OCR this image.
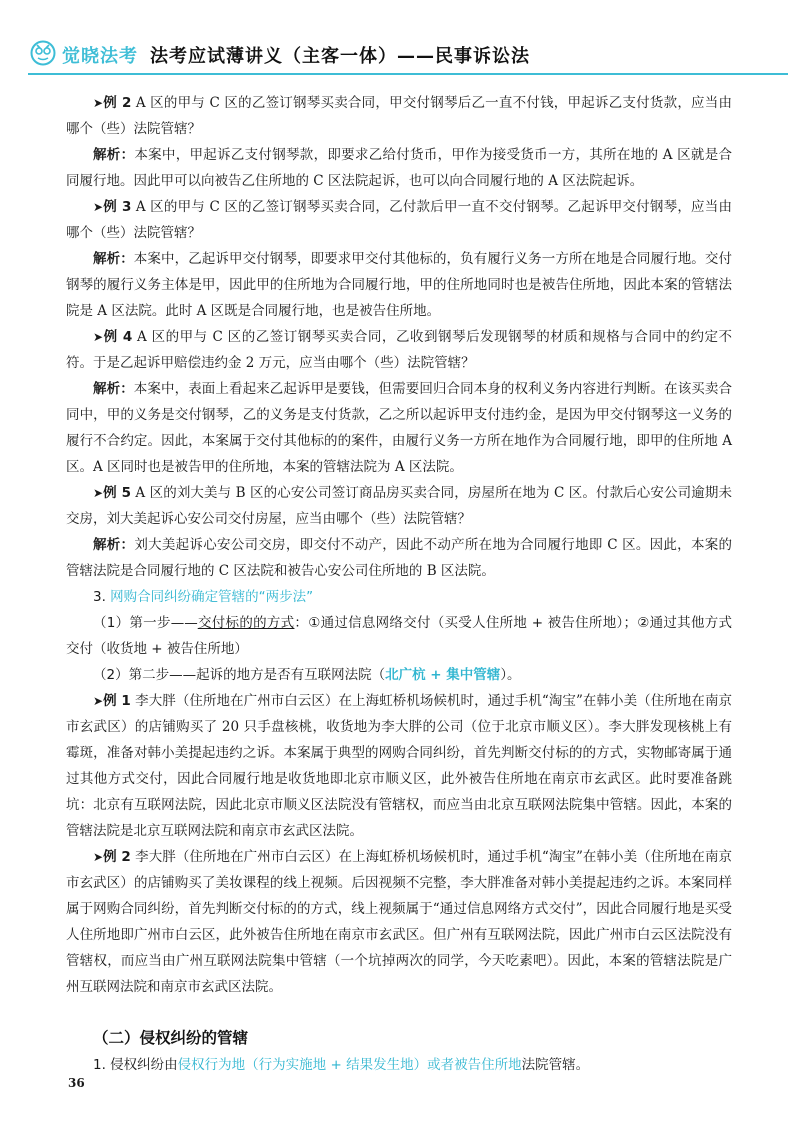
觉晓法考 法考应试薄讲义（主客一体）——民事诉讼法

➤例 2 A 区的甲与 C 区的乙签订钢琴买卖合同，甲交付钢琴后乙一直不付钱，甲起诉乙支付货款，应当由哪个（些）法院管辖？

解析：本案中，甲起诉乙支付钢琴款，即要求乙给付货币，甲作为接受货币一方，其所在地的 A 区就是合同履行地。因此甲可以向被告乙住所地的 C 区法院起诉，也可以向合同履行地的 A 区法院起诉。

➤例 3 A 区的甲与 C 区的乙签订钢琴买卖合同，乙付款后甲一直不交付钢琴。乙起诉甲交付钢琴，应当由哪个（些）法院管辖？

解析：本案中，乙起诉甲交付钢琴，即要求甲交付其他标的，负有履行义务一方所在地是合同履行地。交付钢琴的履行义务主体是甲，因此甲的住所地为合同履行地，甲的住所地同时也是被告住所地，因此本案的管辖法院是 A 区法院。此时 A 区既是合同履行地，也是被告住所地。

➤例 4 A 区的甲与 C 区的乙签订钢琴买卖合同，乙收到钢琴后发现钢琴的材质和规格与合同中的约定不符。于是乙起诉甲赔偿违约金 2 万元，应当由哪个（些）法院管辖？

解析：本案中，表面上看起来乙起诉甲是要钱，但需要回归合同本身的权利义务内容进行判断。在该买卖合同中，甲的义务是交付钢琴，乙的义务是支付货款，乙之所以起诉甲支付违约金，是因为甲交付钢琴这一义务的履行不合约定。因此，本案属于交付其他标的的案件，由履行义务一方所在地作为合同履行地，即甲的住所地 A 区。A 区同时也是被告甲的住所地，本案的管辖法院为 A 区法院。

➤例 5 A 区的刘大美与 B 区的心安公司签订商品房买卖合同，房屋所在地为 C 区。付款后心安公司逾期未交房，刘大美起诉心安公司交付房屋，应当由哪个（些）法院管辖？

解析：刘大美起诉心安公司交房，即交付不动产，因此不动产所在地为合同履行地即 C 区。因此，本案的管辖法院是合同履行地的 C 区法院和被告心安公司住所地的 B 区法院。

3. 网购合同纠纷确定管辖的“两步法”

（1）第一步——交付标的的方式：①通过信息网络交付（买受人住所地 + 被告住所地）；②通过其他方式交付（收货地 + 被告住所地）

（2）第二步——起诉的地方是否有互联网法院（北广杭 + 集中管辖）。

➤例 1 李大胖（住所地在广州市白云区）在上海虹桥机场候机时，通过手机“淘宝”在韩小美（住所地在南京市玄武区）的店铺购买了 20 只手盘核桃，收货地为李大胖的公司（位于北京市顺义区）。李大胖发现核桃上有霉斑，准备对韩小美提起违约之诉。本案属于典型的网购合同纠纷，首先判断交付标的的方式，实物邮寄属于通过其他方式交付，因此合同履行地是收货地即北京市顺义区，此外被告住所地在南京市玄武区。此时要准备跳坑：北京有互联网法院，因此北京市顺义区法院没有管辖权，而应当由北京互联网法院集中管辖。因此，本案的管辖法院是北京互联网法院和南京市玄武区法院。

➤例 2 李大胖（住所地在广州市白云区）在上海虹桥机场候机时，通过手机“淘宝”在韩小美（住所地在南京市玄武区）的店铺购买了美妆课程的线上视频。后因视频不完整，李大胖准备对韩小美提起违约之诉。本案同样属于网购合同纠纷，首先判断交付标的的方式，线上视频属于“通过信息网络方式交付”，因此合同履行地是买受人住所地即广州市白云区，此外被告住所地在南京市玄武区。但广州有互联网法院，因此广州市白云区法院没有管辖权，而应当由广州互联网法院集中管辖（一个坑掉两次的同学，今天吃素吧）。因此，本案的管辖法院是广州互联网法院和南京市玄武区法院。

（二）侵权纠纷的管辖

1. 侵权纠纷由侵权行为地（行为实施地 + 结果发生地）或者被告住所地法院管辖。

36
